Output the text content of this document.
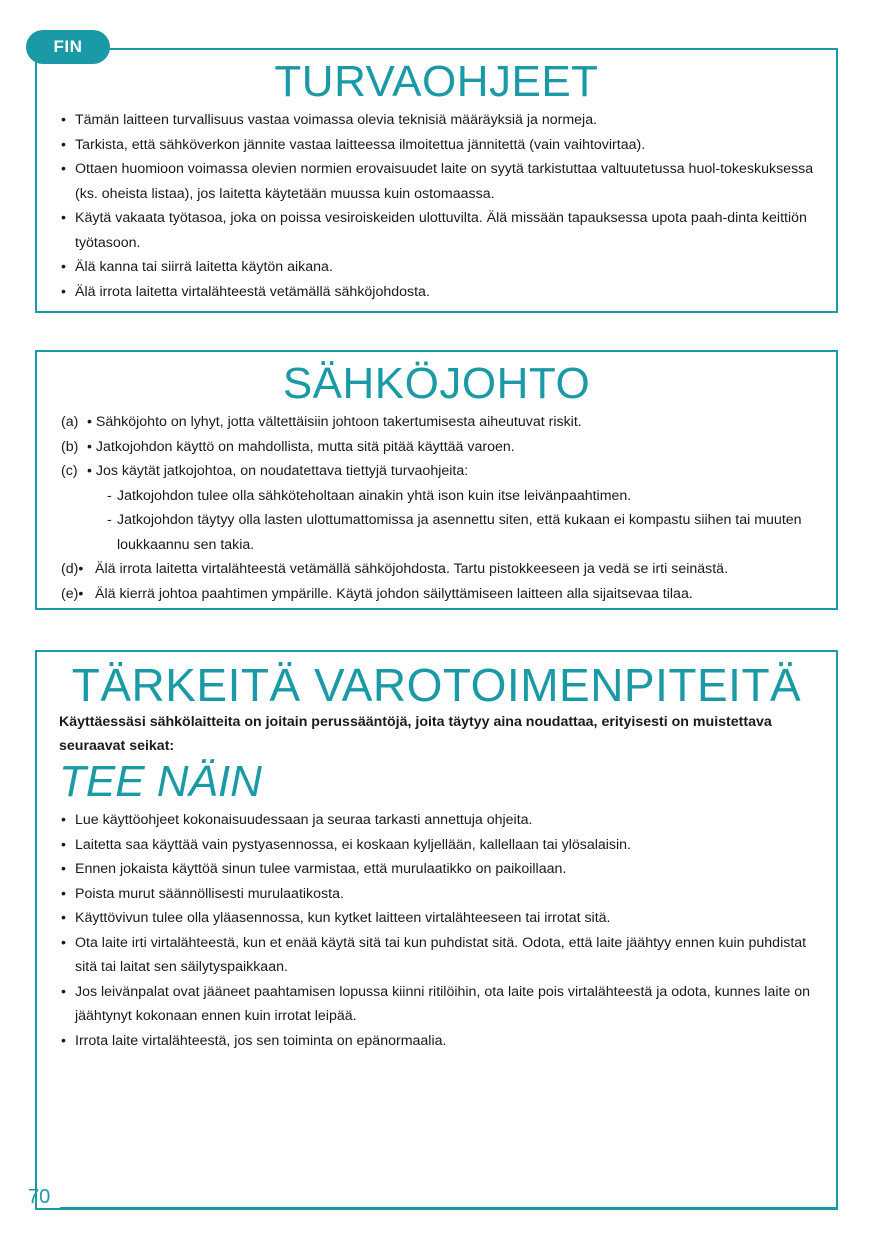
TURVAOHJEET
• Tämän laitteen turvallisuus vastaa voimassa olevia teknisiä määräyksiä ja normeja.
• Tarkista, että sähköverkon jännite vastaa laitteessa ilmoitettua jännitettä (vain vaihtovirtaa).
• Ottaen huomioon voimassa olevien normien erovaisuudet laite on syytä tarkistuttaa valtuutetussa huol-tokeskuksessa (ks. oheista listaa), jos laitetta käytetään muussa kuin ostomaassa.
• Käytä vakaata työtasoa, joka on poissa vesiroiskeiden ulottuvilta. Älä missään tapauksessa upota paah-dinta keittiön työtasoon.
• Älä kanna tai siirrä laitetta käytön aikana.
• Älä irrota laitetta virtalähteestä vetämällä sähköjohdosta.
FIN
SÄHKÖJOHTO
(a) • Sähköjohto on lyhyt, jotta vältettäisiin johtoon takertumisesta aiheutuvat riskit.
(b) • Jatkojohdon käyttö on mahdollista, mutta sitä pitää käyttää varoen.
(c) • Jos käytät jatkojohtoa, on noudatettava tiettyjä turvaohjeita:
- Jatkojohdon tulee olla sähköteholtaan ainakin yhtä ison kuin itse leivänpaahtimen.
- Jatkojohdon täytyy olla lasten ulottumattomissa ja asennettu siten, että kukaan ei kompastu siihen tai muuten loukkaannu sen takia.
(d)• Älä irrota laitetta virtalähteestä vetämällä sähköjohdosta. Tartu pistokkeeseen ja vedä se irti seinästä.
(e)• Älä kierrä johtoa paahtimen ympärille. Käytä johdon säilyttämiseen laitteen alla sijaitsevaa tilaa.
TÄRKEITÄ VAROTOIMENPITEITÄ

Käyttäessäsi sähkölaitteita on joitain perussääntöjä, joita täytyy aina noudattaa, erityisesti on muistettava seuraavat seikat:

TEE NÄIN
• Lue käyttöohjeet kokonaisuudessaan ja seuraa tarkasti annettuja ohjeita.
• Laitetta saa käyttää vain pystyasennossa, ei koskaan kyljellään, kallellaan tai ylösalaisin.
• Ennen jokaista käyttöä sinun tulee varmistaa, että murulaatikko on paikoillaan.
• Poista murut säännöllisesti murulaatikosta.
• Käyttövivun tulee olla yläasennossa, kun kytket laitteen virtalähteeseen tai irrotat sitä.
• Ota laite irti virtalähteestä, kun et enää käytä sitä tai kun puhdistat sitä. Odota, että laite jäähtyy ennen kuin puhdistat sitä tai laitat sen säilytyspaikkaan.
• Jos leivänpalat ovat jääneet paahtamisen lopussa kiinni ritilöihin, ota laite pois virtalähteestä ja odota, kunnes laite on jäähtynyt kokonaan ennen kuin irrotat leipää.
• Irrota laite virtalähteestä, jos sen toiminta on epänormaalia.
70
